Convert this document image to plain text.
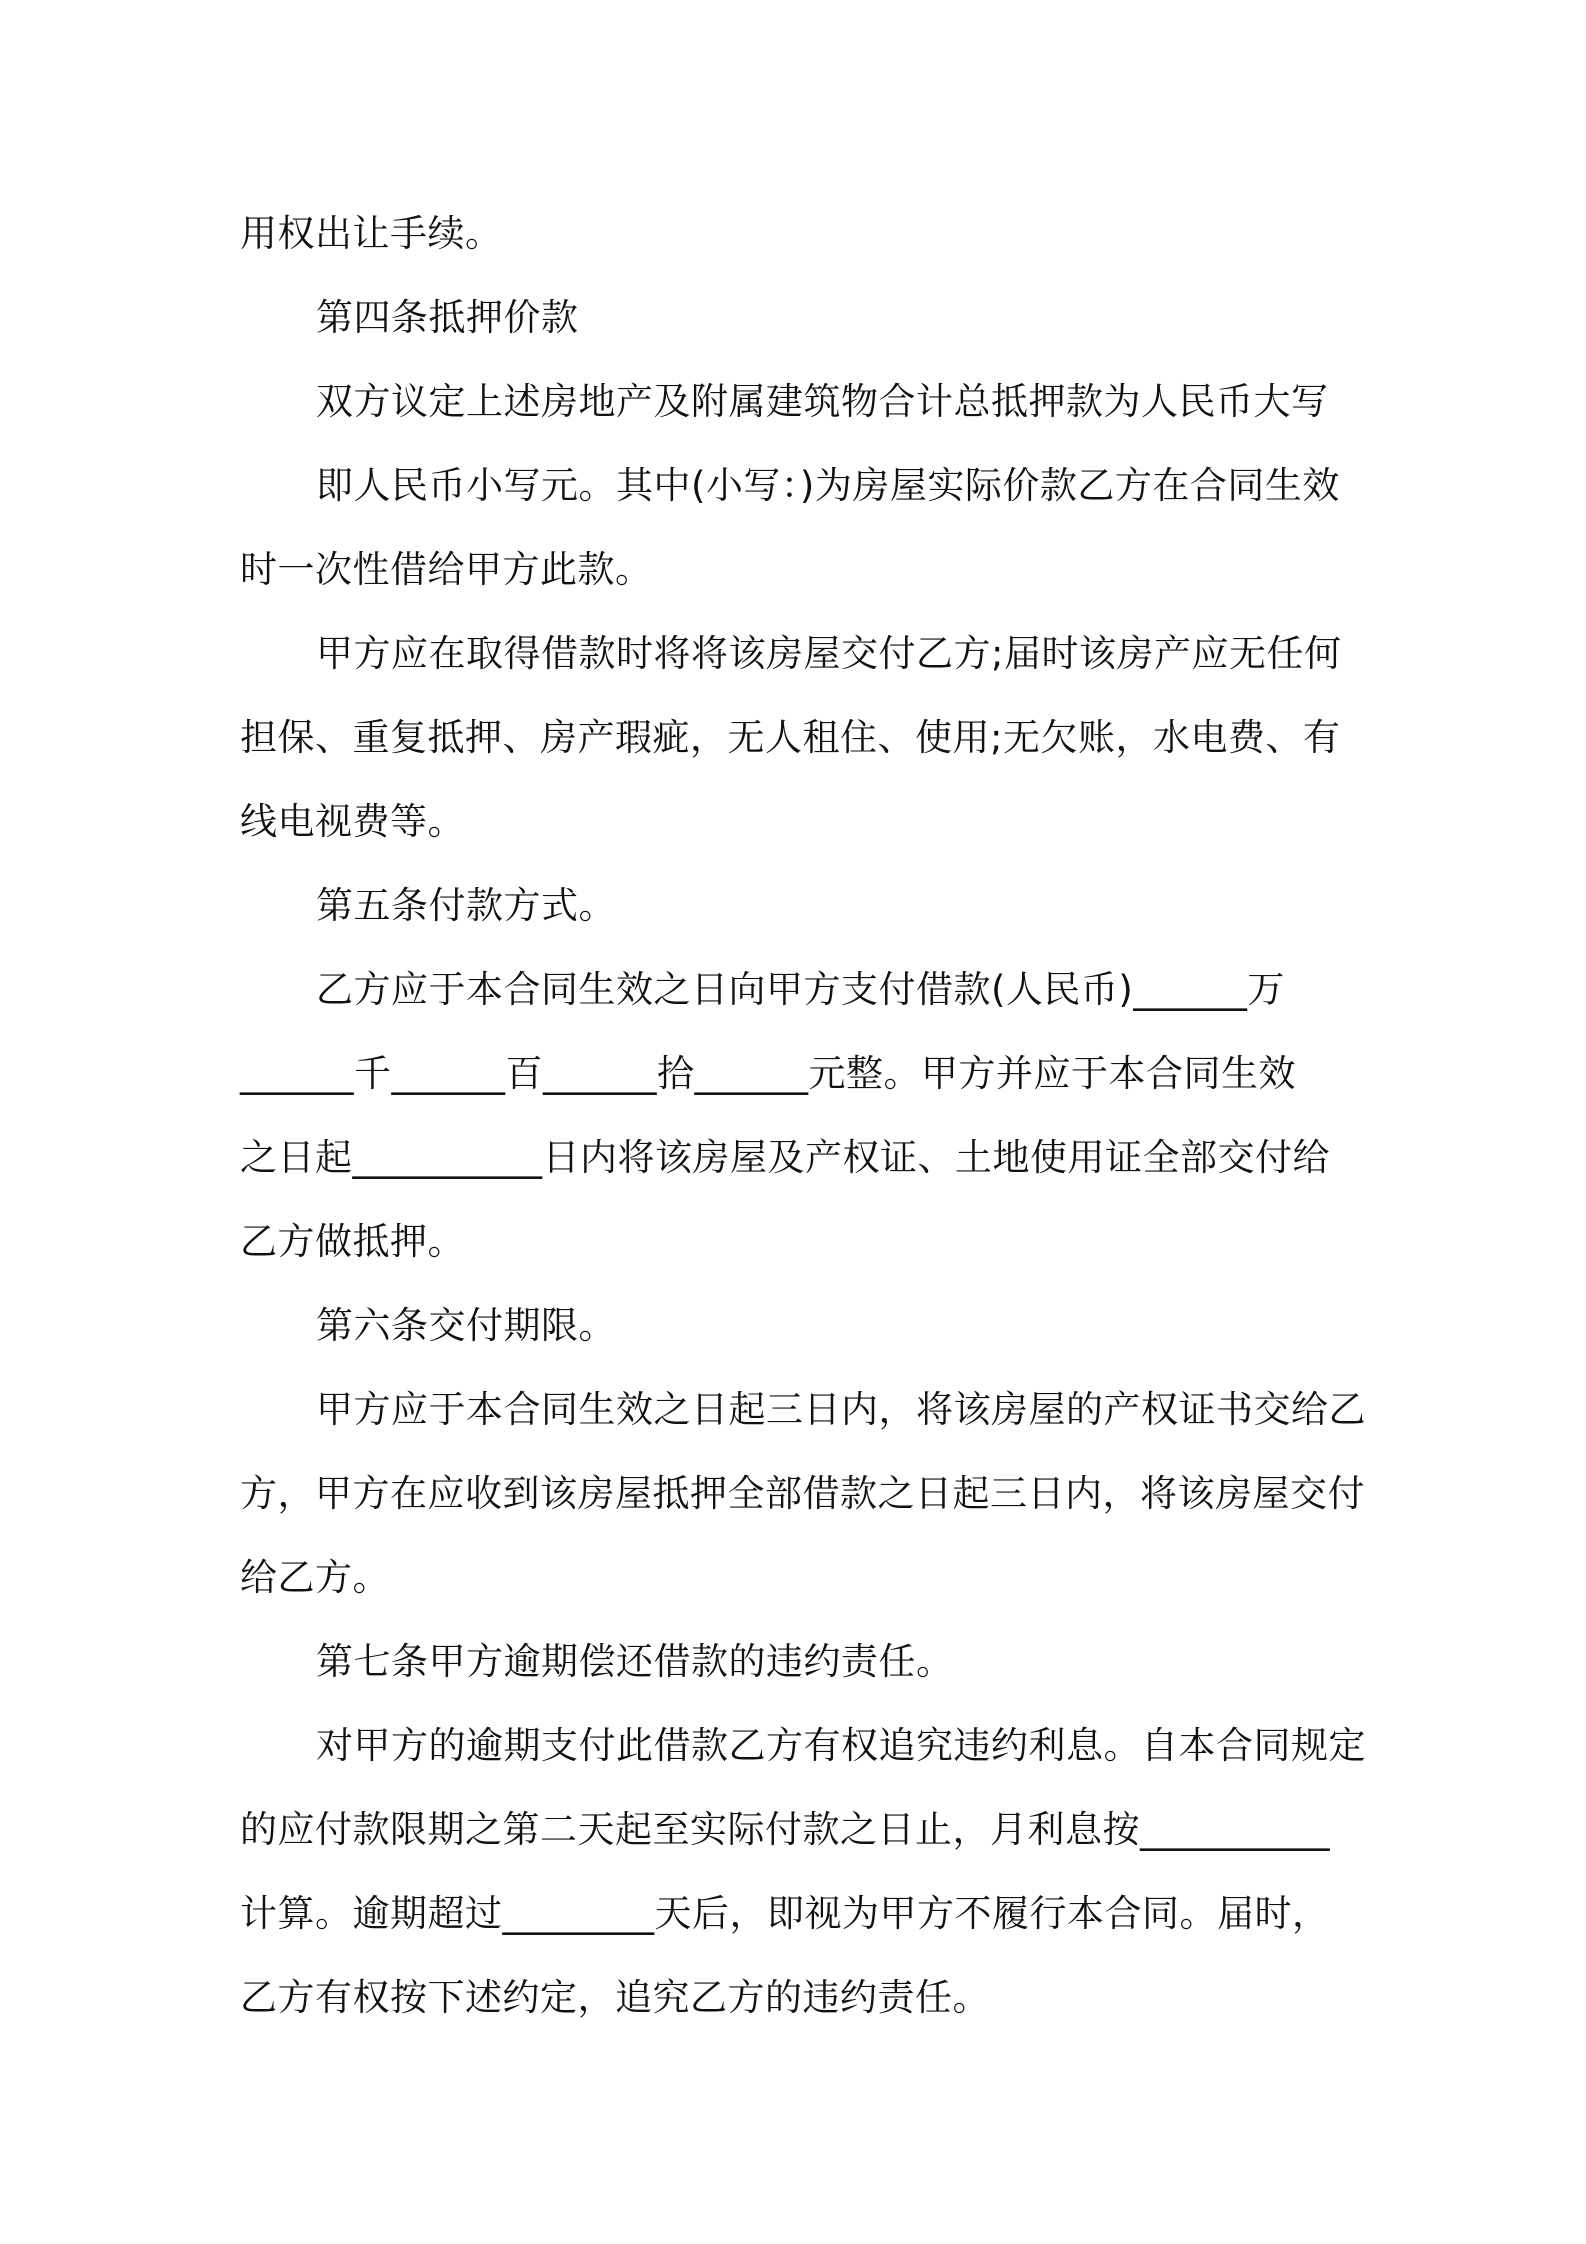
用权出让手续。
第四条抵押价款
双方议定上述房地产及附属建筑物合计总抵押款为人民币大写
即人民币小写元。其中(小写：)为房屋实际价款乙方在合同生效
时一次性借给甲方此款。
甲方应在取得借款时将将该房屋交付乙方;届时该房产应无任何
担保、重复抵押、房产瑕疵，无人租住、使用;无欠账，水电费、有
线电视费等。
第五条付款方式。
乙方应于本合同生效之日向甲方支付借款(人民币)______万
______千______百______拾______元整。甲方并应于本合同生效
之日起__________日内将该房屋及产权证、土地使用证全部交付给
乙方做抵押。
第六条交付期限。
甲方应于本合同生效之日起三日内，将该房屋的产权证书交给乙
方，甲方在应收到该房屋抵押全部借款之日起三日内，将该房屋交付
给乙方。
第七条甲方逾期偿还借款的违约责任。
对甲方的逾期支付此借款乙方有权追究违约利息。自本合同规定
的应付款限期之第二天起至实际付款之日止，月利息按__________
计算。逾期超过________天后，即视为甲方不履行本合同。届时，
乙方有权按下述约定，追究乙方的违约责任。
